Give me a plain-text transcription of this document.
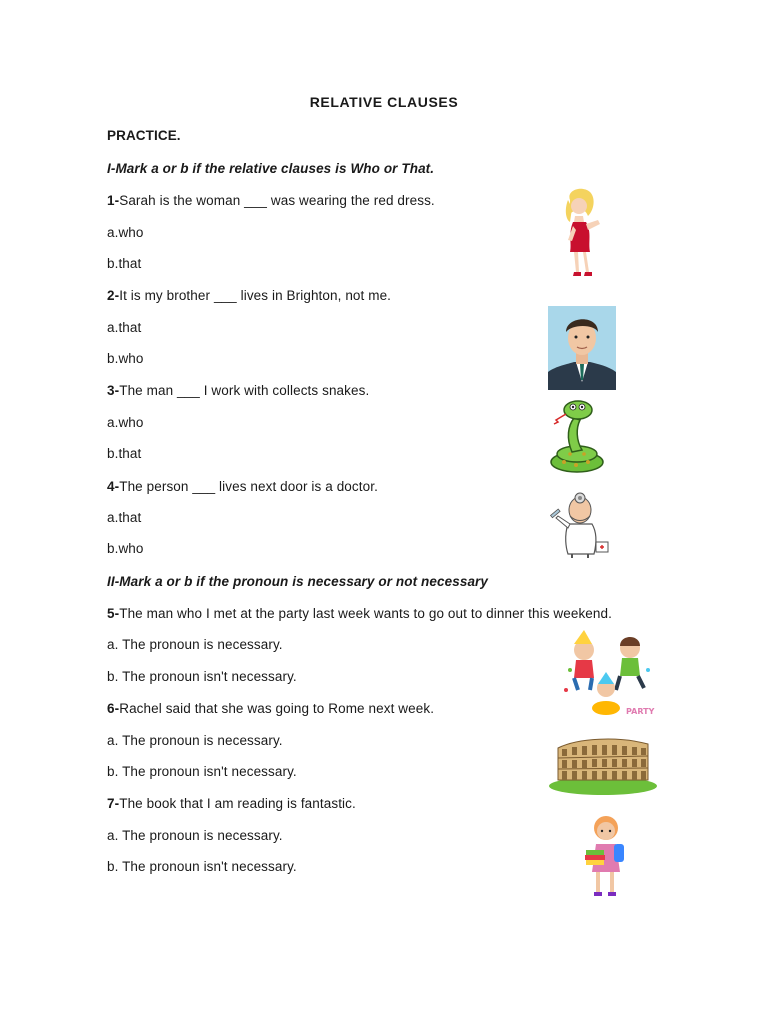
RELATIVE CLAUSES
PRACTICE.
I-Mark a or b if the relative clauses is Who or That.
1-Sarah is the woman ___ was wearing the red dress.
a.who
b.that
2-It is my brother ___ lives in Brighton, not me.
a.that
b.who
3-The man ___ I work with collects snakes.
a.who
b.that
4-The person ___ lives next door is a doctor.
a.that
b.who
II-Mark a or b if the pronoun is necessary or not necessary
5-The man who I met at the party last week wants to go out to dinner this weekend.
a. The pronoun is necessary.
b. The pronoun isn't necessary.
6-Rachel said that she was going to Rome next week.
a. The pronoun is necessary.
b. The pronoun isn't necessary.
7-The book that I am reading is fantastic.
a. The pronoun is necessary.
b. The pronoun isn't necessary.
PARTY
